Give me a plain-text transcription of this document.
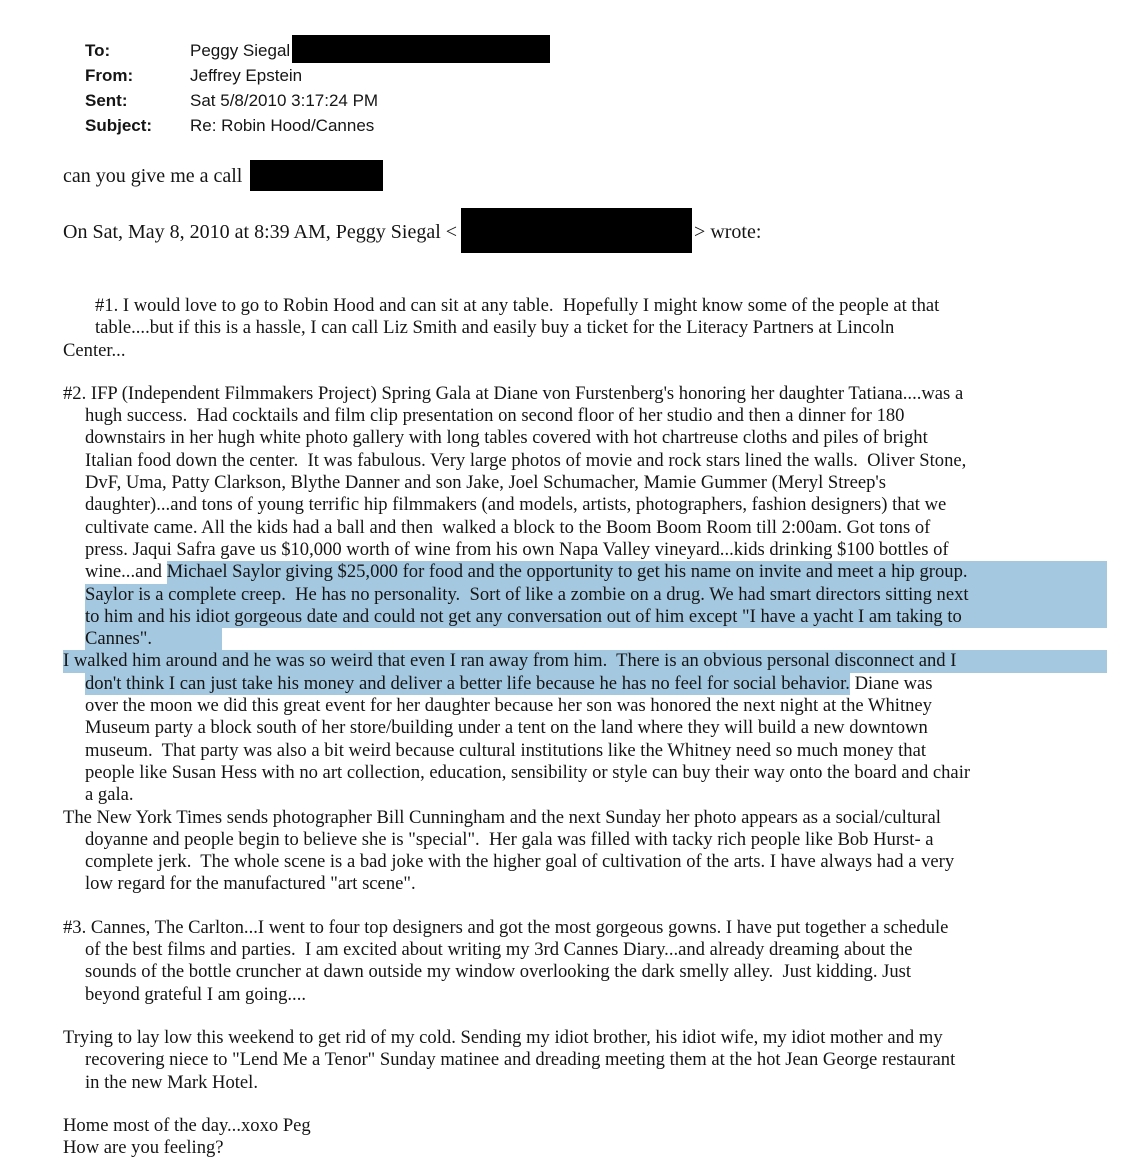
To:	Peggy Siegal
From:	Jeffrey Epstein
Sent:	Sat 5/8/2010 3:17:24 PM
Subject:	Re: Robin Hood/Cannes
can you give me a call
On Sat, May 8, 2010 at 8:39 AM, Peggy Siegal <	> wrote:
#1. I would love to go to Robin Hood and can sit at any table.  Hopefully I might know some of the people at that
table....but if this is a hassle, I can call Liz Smith and easily buy a ticket for the Literacy Partners at Lincoln
Center...
#2. IFP (Independent Filmmakers Project) Spring Gala at Diane von Furstenberg's honoring her daughter Tatiana....was a
hugh success.  Had cocktails and film clip presentation on second floor of her studio and then a dinner for 180
downstairs in her hugh white photo gallery with long tables covered with hot chartreuse cloths and piles of bright
Italian food down the center.  It was fabulous. Very large photos of movie and rock stars lined the walls.  Oliver Stone,
DvF, Uma, Patty Clarkson, Blythe Danner and son Jake, Joel Schumacher, Mamie Gummer (Meryl Streep's
daughter)...and tons of young terrific hip filmmakers (and models, artists, photographers, fashion designers) that we
cultivate came. All the kids had a ball and then  walked a block to the Boom Boom Room till 2:00am. Got tons of
press. Jaqui Safra gave us $10,000 worth of wine from his own Napa Valley vineyard...kids drinking $100 bottles of
wine...and Michael Saylor giving $25,000 for food and the opportunity to get his name on invite and meet a hip group.
Saylor is a complete creep.  He has no personality.  Sort of like a zombie on a drug. We had smart directors sitting next
to him and his idiot gorgeous date and could not get any conversation out of him except "I have a yacht I am taking to
Cannes".
I walked him around and he was so weird that even I ran away from him.  There is an obvious personal disconnect and I
don't think I can just take his money and deliver a better life because he has no feel for social behavior. Diane was
over the moon we did this great event for her daughter because her son was honored the next night at the Whitney
Museum party a block south of her store/building under a tent on the land where they will build a new downtown
museum.  That party was also a bit weird because cultural institutions like the Whitney need so much money that
people like Susan Hess with no art collection, education, sensibility or style can buy their way onto the board and chair
a gala.
The New York Times sends photographer Bill Cunningham and the next Sunday her photo appears as a social/cultural
doyanne and people begin to believe she is "special".  Her gala was filled with tacky rich people like Bob Hurst- a
complete jerk.  The whole scene is a bad joke with the higher goal of cultivation of the arts. I have always had a very
low regard for the manufactured "art scene".
#3. Cannes, The Carlton...I went to four top designers and got the most gorgeous gowns. I have put together a schedule
of the best films and parties.  I am excited about writing my 3rd Cannes Diary...and already dreaming about the
sounds of the bottle cruncher at dawn outside my window overlooking the dark smelly alley.  Just kidding. Just
beyond grateful I am going....
Trying to lay low this weekend to get rid of my cold. Sending my idiot brother, his idiot wife, my idiot mother and my
recovering niece to "Lend Me a Tenor" Sunday matinee and dreading meeting them at the hot Jean George restaurant
in the new Mark Hotel.
Home most of the day...xoxo Peg
How are you feeling?
